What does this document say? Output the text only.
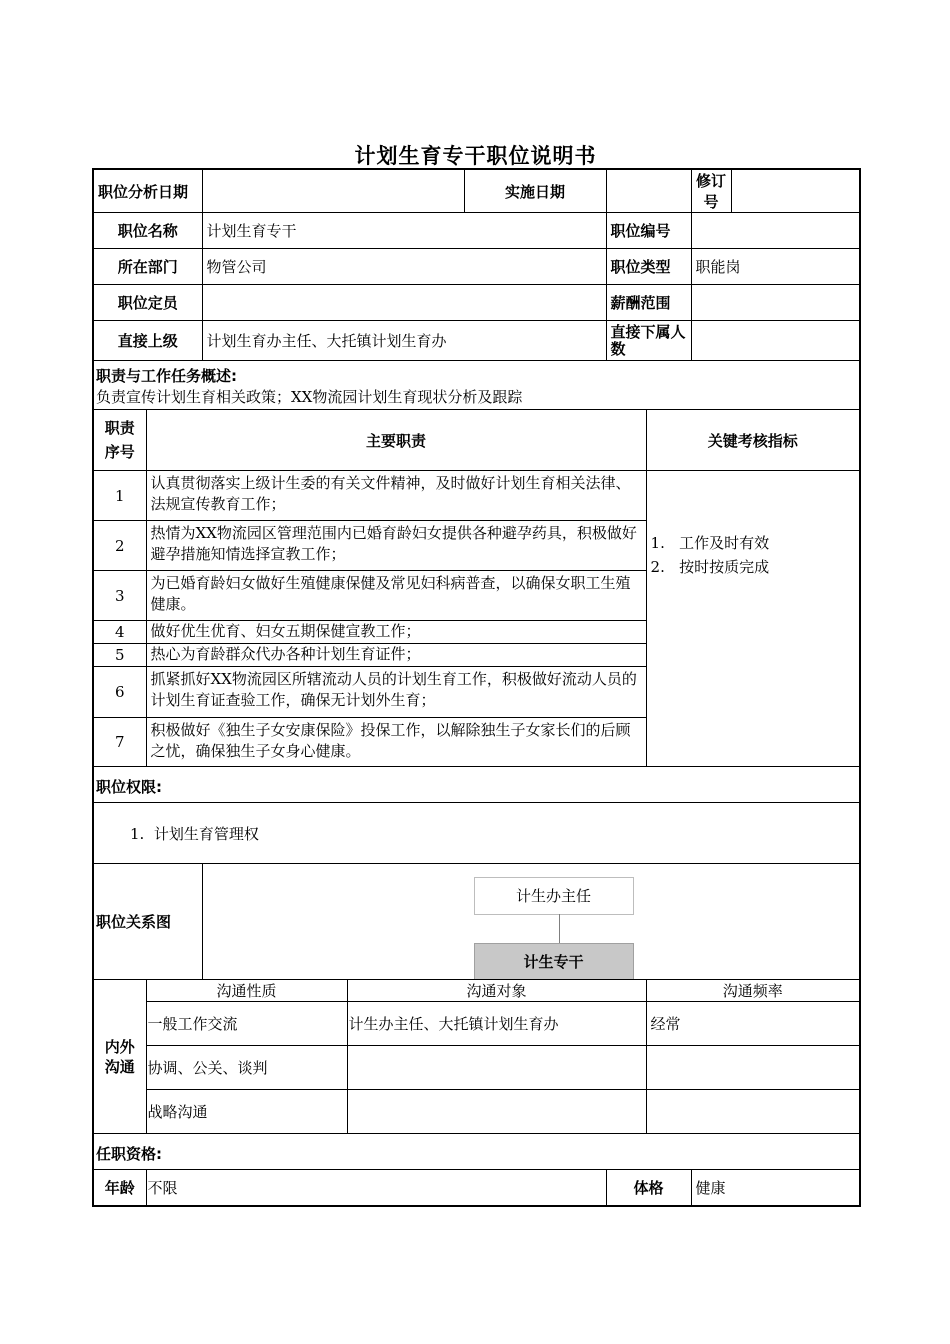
计划生育专干职位说明书
职位分析日期				实施日期			修订号	
职位名称		计划生育专干			职位编号			
所在部门		物管公司			职位类型		职能岗	
职位定员					薪酬范围			
直接上级		计划生育办主任、大托镇计划生育办			直接下属人数			

职责与工作任务概述:
负责宣传计划生育相关政策；XX物流园计划生育现状分析及跟踪								

职责序号	主要职责					关键考核指标		
1	认真贯彻落实上级计生委的有关文件精神，及时做好计划生育相关法律、法规宣传教育工作；					1.   工作及时有效
2.   按时按质完成		

2	热情为XX物流园区管理范围内已婚育龄妇女提供各种避孕药具，积极做好避孕措施知情选择宣教工作；							
3	为已婚育龄妇女做好生殖健康保健及常见妇科病普查，以确保女职工生殖健康。							
4	做好优生优育、妇女五期保健宣教工作；							
5	热心为育龄群众代办各种计划生育证件；							
6	抓紧抓好XX物流园区所辖流动人员的计划生育工作，积极做好流动人员的计划生育证查验工作，确保无计划外生育；							
7	积极做好《独生子女安康保险》投保工作，以解除独生子女家长们的后顾之忧，确保独生子女身心健康。							
职位权限:								
1.  计划生育管理权								
职位关系图		计生办主任
计生专干						

内外沟通	沟通性质		沟通对象			沟通频率		
	一般工作交流		计生办主任、大托镇计划生育办			经常		
	协调、公关、谈判							
	战略沟通							
任职资格:								
年龄	不限				体格		健康	
